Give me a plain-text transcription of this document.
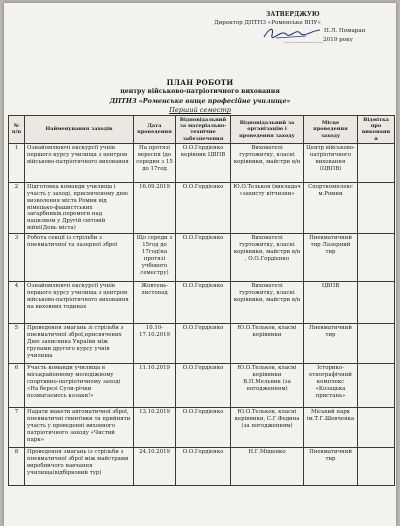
ЗАТВЕРДЖУЮ
Директор ДПТНЗ «Роменське ВПУ»
П.Л. Помаран
______________2019 року
ПЛАН РОБОТИ
центру військово-патріотичного виховання
ДПТНЗ «Роменське вище професійне училище»
Перший семестр
№ п/п	Найменування заходів	Дата проведення	Відповідальний за матеріально-технічне забезпечення	Відповідальний за організацію і проведення заходу	Місце проведення заходу	Відмітка про виконання
1	Ознайомлюючі екскурсії учнів першого курсу училища з центром військово-патріотичного виховання	На протязі вересня (до середин з 15 до 17год	О.О.Гордієнко керівник ЦВПВ	Вихователі гуртожитку, класні керівники, майстри в/н	Центр військово-патріотичного виховання (ЦВПВ)	
2	Підготовка команди училища і участь у заході, присвяченому дню визволення міста Ромни від німецько-фашистських загарбників,перемоги над нацизмом у Другій світовій війні(День міста)	16.09.2019	О.О.Гордієнко	Ю.О.Тельков (викладач «захисту вітчизни»	Спорткомплекс м.Ромни	
3	Робота секції із стрільби з пневматичної та лазерної зброї	Що середи з 15год до 17год(на протязі учбового семестру)	О.О.Гордієнко	Вихователі гуртожитку, класні керівники, майстри в/н , О.О.Гордієнко	Пневматичний тир Лазерний тир	
4	Ознайомлюючі екскурсії учнів першого курсу училища з центром військово-патріотичного виховання на виховних годинах	Жовтень-листопад	О.О.Гордієнко	Вихователі гуртожитку, класні керівники, майстри в/н	ЦВПВ	
5	Проведення змагань зі стрільби з пневматичної зброї,присвячених Дню захисника України між групами другого курсу учнів училища	10.10-17.10.2019	О.О.Гордієнко	Ю.О.Тельков, класні керівники	Пневматичний тир	
6	Участь команди училища в міськрайонному молодіжному спортивно-патріотичному заході «На березі Сули-річки позмагаємось козаки!»	11.10.2019	О.О.Гордієнко	Ю.О.Тельков, класні керівники В.П.Мельник (за погодженням)	Історико-етнографічний комплекс «Козацька пристань»	
7	Надати макети автоматичної зброї, пневматичні гвинтівки та прийняти участь у проведенні виховного патріотичного заходу «Чистий парк»	13.10.2019	О.О.Гордієнко	Ю.О.Тельков, класні керівники, С.Г.Федина (за погодженням)	Міський парк ім.Т.Г.Шевченка	
8	Проведення змагань із стрільби з пневматичної зброї між майстрами виробничого навчання училища(відбірковий тур)	24.10.2019	О.О.Гордієнко	Н.Г.Міщенко	Пневматичний тир	
